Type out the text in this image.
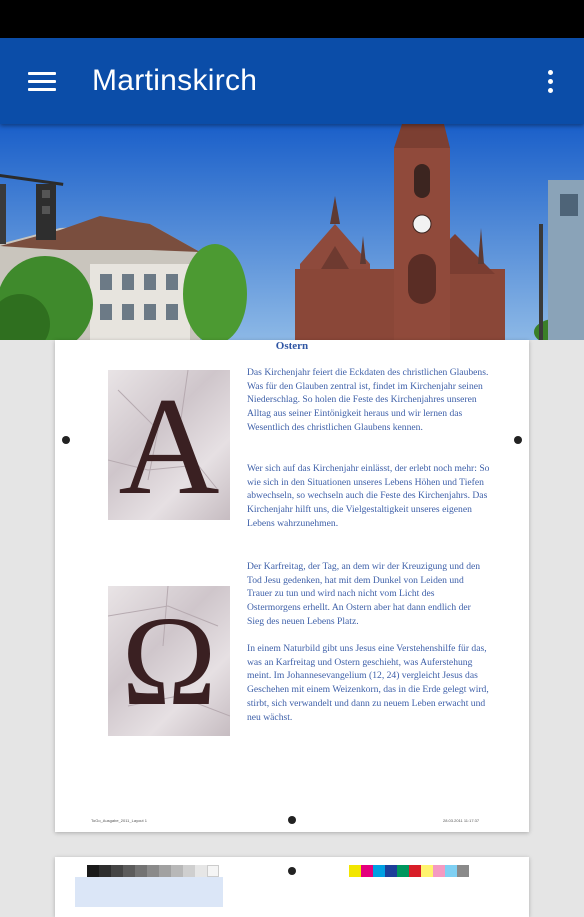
Martinskirch
Ostern
A
Ω
Das Kirchenjahr feiert die Eckdaten des christlichen Glaubens. Was für den Glauben zentral ist, findet im Kirchenjahr seinen Niederschlag. So holen die Feste des Kirchenjahres unseren Alltag aus seiner Eintönigkeit heraus und wir lernen das Wesentlich des christlichen Glaubens kennen.
Wer sich auf das Kirchenjahr einlässt, der erlebt noch mehr: So wie sich in den Situationen unseres Lebens Höhen und Tiefen abwechseln, so wechseln auch die Feste des Kirchenjahrs. Das Kirchenjahr hilft uns, die Vielgestaltigkeit unseres eigenen Lebens wahrzunehmen.
Der Karfreitag, der Tag, an dem wir der Kreuzigung und den Tod Jesu gedenken, hat mit dem Dunkel von Leiden und Trauer zu tun und wird nach nicht vom Licht des Ostermorgens erhellt. An Ostern aber hat dann endlich der Sieg des neuen Lebens Platz.
In einem Naturbild gibt uns Jesus eine Verstehenshilfe für das, was an Karfreitag und Ostern geschieht, was Auferstehung meint. Im Johannesevangelium (12, 24) vergleicht Jesus das Geschehen mit einem Weizenkorn, das in die Erde gelegt wird, stirbt, sich verwandelt und dann zu neuem Leben erwacht und neu wächst.
ToGo_Ausgabe_2011_Layout 1	28.03.2011 11:17:37
